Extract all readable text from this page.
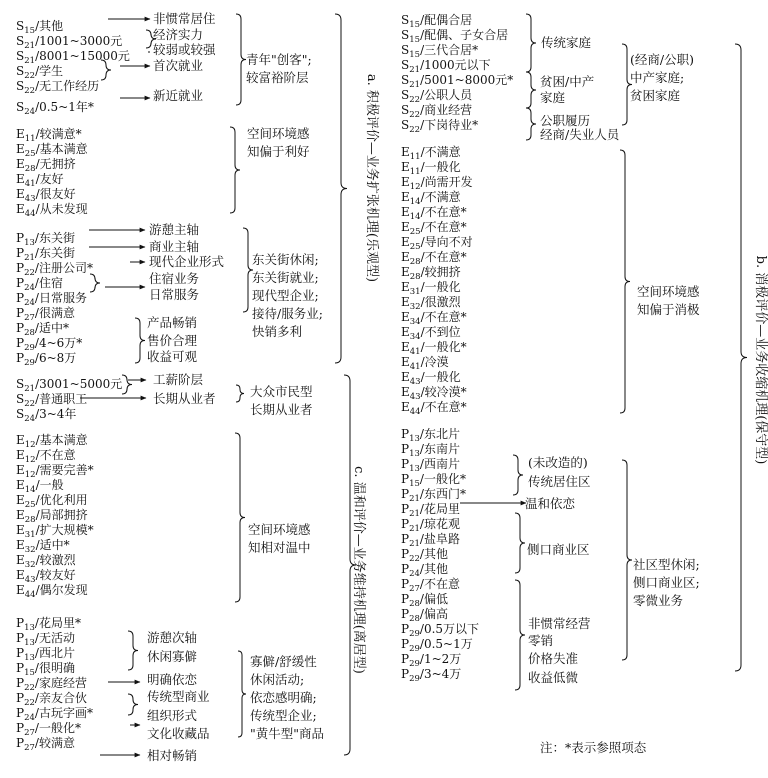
$S_{15}/$其他
$S_{21}/1001\sim 3000$元
$S_{21}/8001\sim 15000$元
$S_{22}/$学生
$S_{22}/$无工作经历
$S_{24}/0.5\sim 1$年*
$E_{11}/$较满意*
$E_{25}/$基本满意
$E_{28}/$无拥挤
$E_{41}/$友好
$E_{43}/$很友好
$E_{44}/$从未发现
$P_{13}/$东关街
$P_{21}/$东关街
$P_{22}/$注册公司*
$P_{24}/$住宿
$P_{24}/$日常服务
$P_{27}/$很满意
$P_{28}/$适中*
$P_{29}/4\sim 6$万*
$P_{29}/6\sim 8$万
非惯常居住
经济实力
较弱或较强
首次就业
新近就业
空间环境感
知偏于利好
游憩主轴
商业主轴
现代企业形式
住宿业务
日常服务
产品畅销
售价合理
收益可观
青年"创客";
较富裕阶层
东关街休闲;
东关街就业;
现代型企业;
接待/服务业;
快销多利
a. 积极评价—业务扩张机理(乐观型)
$S_{21}/3001\sim 5000$元
$S_{22}/$普通职工
$S_{24}/3\sim 4$年
$E_{12}/$基本满意
$E_{12}/$不在意
$E_{12}/$需要完善*
$E_{14}/$一般
$E_{25}/$优化利用
$E_{28}/$局部拥挤
$E_{31}/$扩大规模*
$E_{32}/$适中*
$E_{32}/$较激烈
$E_{43}/$较友好
$E_{44}/$偶尔发现
$P_{13}/$花局里*
$P_{13}/$无活动
$P_{13}/$西北片
$P_{15}/$很明确
$P_{22}/$家庭经营
$P_{22}/$亲友合伙
$P_{24}/$古玩字画*
$P_{27}/$一般化*
$P_{27}/$较满意
工薪阶层
长期从业者
空间环境感
知相对温中
游憩次轴
休闲寡僻
明确依恋
传统型商业
组织形式
文化收藏品
相对畅销
大众市民型
长期从业者
寡僻/舒缓性
休闲活动;
依恋感明确;
传统型企业;
"黄牛型"商品
c. 温和评价—业务维持机理(离居型)
$S_{15}/$配偶合居
$S_{15}/$配偶、子女合居
$S_{15}/$三代合居*
$S_{21}/1000$元以下
$S_{21}/5001\sim 8000$元*
$S_{22}/$公职人员
$S_{22}/$商业经营
$S_{22}/$下岗待业*
$E_{11}/$不满意
$E_{11}/$一般化
$E_{12}/$尚需开发
$E_{14}/$不满意
$E_{14}/$不在意*
$E_{25}/$不在意*
$E_{25}/$导向不对
$E_{28}/$不在意*
$E_{28}/$较拥挤
$E_{31}/$一般化
$E_{32}/$很激烈
$E_{34}/$不在意*
$E_{34}/$不到位
$E_{41}/$一般化*
$E_{41}/$冷漠
$E_{43}/$一般化
$E_{43}/$较冷漠*
$E_{44}/$不在意*
$P_{13}/$东北片
$P_{13}/$东南片
$P_{13}/$西南片
$P_{15}/$一般化*
$P_{21}/$东西门*
$P_{21}/$花局里
$P_{21}/$琼花观
$P_{21}/$盐阜路
$P_{22}/$其他
$P_{24}/$其他
$P_{27}/$不在意
$P_{28}/$偏低
$P_{28}/$偏高
$P_{29}/0.5$万以下
$P_{29}/0.5\sim 1$万
$P_{29}/1\sim 2$万
$P_{29}/3\sim 4$万
传统家庭
贫困/中产
家庭
公职履历
经商/失业人员
空间环境感
知偏于消极
(未改造的)
传统居住区
温和依恋
侧口商业区
非惯常经营
零销
价格失准
收益低微
(经商/公职)
中产家庭;
贫困家庭
社区型休闲;
侧口商业区;
零微业务
b. 消极评价—业务收缩机理(保守型)
注：*表示参照项态
